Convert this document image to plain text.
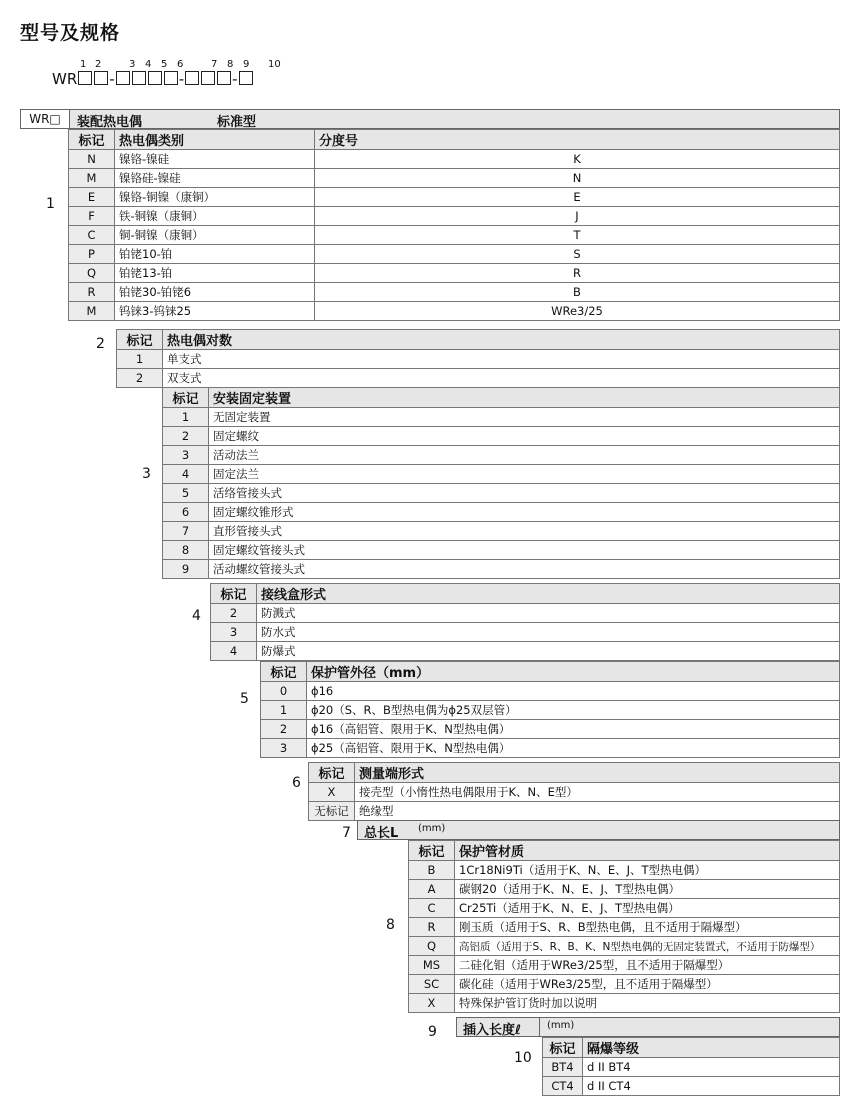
型号及规格
1 2	3 4 5 6	7 8 9 10
WR -	-	-
WR□	装配热电偶	标准型
1
标记	热电偶类别	分度号
N	镍铬-镍硅	K
M	镍铬硅-镍硅	N
E	镍铬-铜镍（康铜）	E
F	铁-铜镍（康铜）	J
C	铜-铜镍（康铜）	T
P	铂铑10-铂	S
Q	铂铑13-铂	R
R	铂铑30-铂铑6	B
M	钨铼3-钨铼25	WRe3/25
2 标记	热电偶对数
1	单支式
2	双支式
3
标记	安装固定装置
1	无固定装置
2	固定螺纹
3	活动法兰
4	固定法兰
5	活络管接头式
6	固定螺纹锥形式
7	直形管接头式
8	固定螺纹管接头式
9	活动螺纹管接头式
4
标记	接线盒形式
2	防溅式
3	防水式
4	防爆式
5
标记	保护管外径（mm）
0	ϕ16
1	ϕ20（S、R、B型热电偶为ϕ25双层管）
2	ϕ16（高铝管、限用于K、N型热电偶）
3	ϕ25（高铝管、限用于K、N型热电偶）
6
标记	测量端形式
X	接壳型（小惰性热电偶限用于K、N、E型）
无标记	绝缘型
7 总长L (mm)
8
标记	保护管材质
B	1Cr18Ni9Ti（适用于K、N、E、J、T型热电偶）
A	碳钢20（适用于K、N、E、J、T型热电偶）
C	Cr25Ti（适用于K、N、E、J、T型热电偶）
R	刚玉质（适用于S、R、B型热电偶，且不适用于隔爆型）
Q	高铝质（适用于S、R、B、K、N型热电偶的无固定装置式，不适用于防爆型）
MS	二硅化钼（适用于WRe3/25型，且不适用于隔爆型）
SC	碳化硅（适用于WRe3/25型，且不适用于隔爆型）
X	特殊保护管订货时加以说明
9 插入长度ℓ	(mm)
10
标记	隔爆等级
BT4	d II BT4
CT4	d II CT4
